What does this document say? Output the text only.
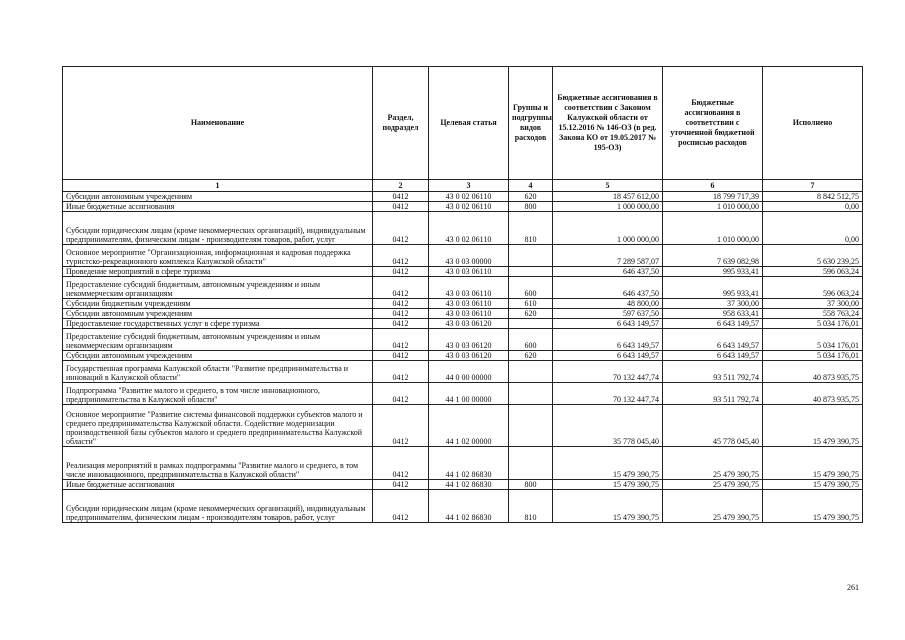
Наименование	Раздел, подраздел	Целевая статья	Группы и подгруппы видов расходов	Бюджетные ассигнования в соответствии с Законом Калужской области от 15.12.2016 № 146-ОЗ (в ред. Закона КО от 19.05.2017 № 195-ОЗ)	Бюджетные ассигнования в соответствии с уточненной бюджетной росписью расходов	Исполнено
1	2	3	4	5	6	7
Субсидии автономным учреждениям	0412	43 0 02 06110	620	18 457 612,00	18 799 717,39	8 842 512,75
Иные бюджетные ассигнования	0412	43 0 02 06110	800	1 000 000,00	1 010 000,00	0,00
Субсидии юридическим лицам (кроме некоммерческих организаций), индивидуальным предпринимателям, физическим лицам - производителям товаров, работ, услуг	0412	43 0 02 06110	810	1 000 000,00	1 010 000,00	0,00
Основное мероприятие "Организационная, информационная и кадровая поддержка туристско-рекреационного комплекса Калужской области"	0412	43 0 03 00000		7 289 587,07	7 639 082,98	5 630 239,25
Проведение мероприятий в сфере туризма	0412	43 0 03 06110		646 437,50	995 933,41	596 063,24
Предоставление субсидий бюджетным, автономным учреждениям и иным некоммерческим организациям	0412	43 0 03 06110	600	646 437,50	995 933,41	596 063,24
Субсидии бюджетным учреждениям	0412	43 0 03 06110	610	48 800,00	37 300,00	37 300,00
Субсидии автономным учреждениям	0412	43 0 03 06110	620	597 637,50	958 633,41	558 763,24
Предоставление государственных услуг в сфере туризма	0412	43 0 03 06120		6 643 149,57	6 643 149,57	5 034 176,01
Предоставление субсидий бюджетным, автономным учреждениям и иным некоммерческим организациям	0412	43 0 03 06120	600	6 643 149,57	6 643 149,57	5 034 176,01
Субсидии автономным учреждениям	0412	43 0 03 06120	620	6 643 149,57	6 643 149,57	5 034 176,01
Государственная программа Калужской области "Развитие предпринимательства и инноваций в Калужской области"	0412	44 0 00 00000		70 132 447,74	93 511 792,74	40 873 935,75
Подпрограмма "Развитие малого и среднего, в том числе инновационного, предпринимательства в Калужской области"	0412	44 1 00 00000		70 132 447,74	93 511 792,74	40 873 935,75
Основное мероприятие "Развитие системы финансовой поддержки субъектов малого и среднего предпринимательства Калужской области. Содействие модернизации производственной базы субъектов малого и среднего предпринимательства Калужской области"	0412	44 1 02 00000		35 778 045,40	45 778 045,40	15 479 390,75
Реализация мероприятий в рамках подпрограммы "Развитие малого и среднего, в том числе инновационного, предпринимательства в Калужской области"	0412	44 1 02 86830		15 479 390,75	25 479 390,75	15 479 390,75
Иные бюджетные ассигнования	0412	44 1 02 86830	800	15 479 390,75	25 479 390,75	15 479 390,75
Субсидии юридическим лицам (кроме некоммерческих организаций), индивидуальным предпринимателям, физическим лицам - производителям товаров, работ, услуг	0412	44 1 02 86830	810	15 479 390,75	25 479 390,75	15 479 390,75
261
